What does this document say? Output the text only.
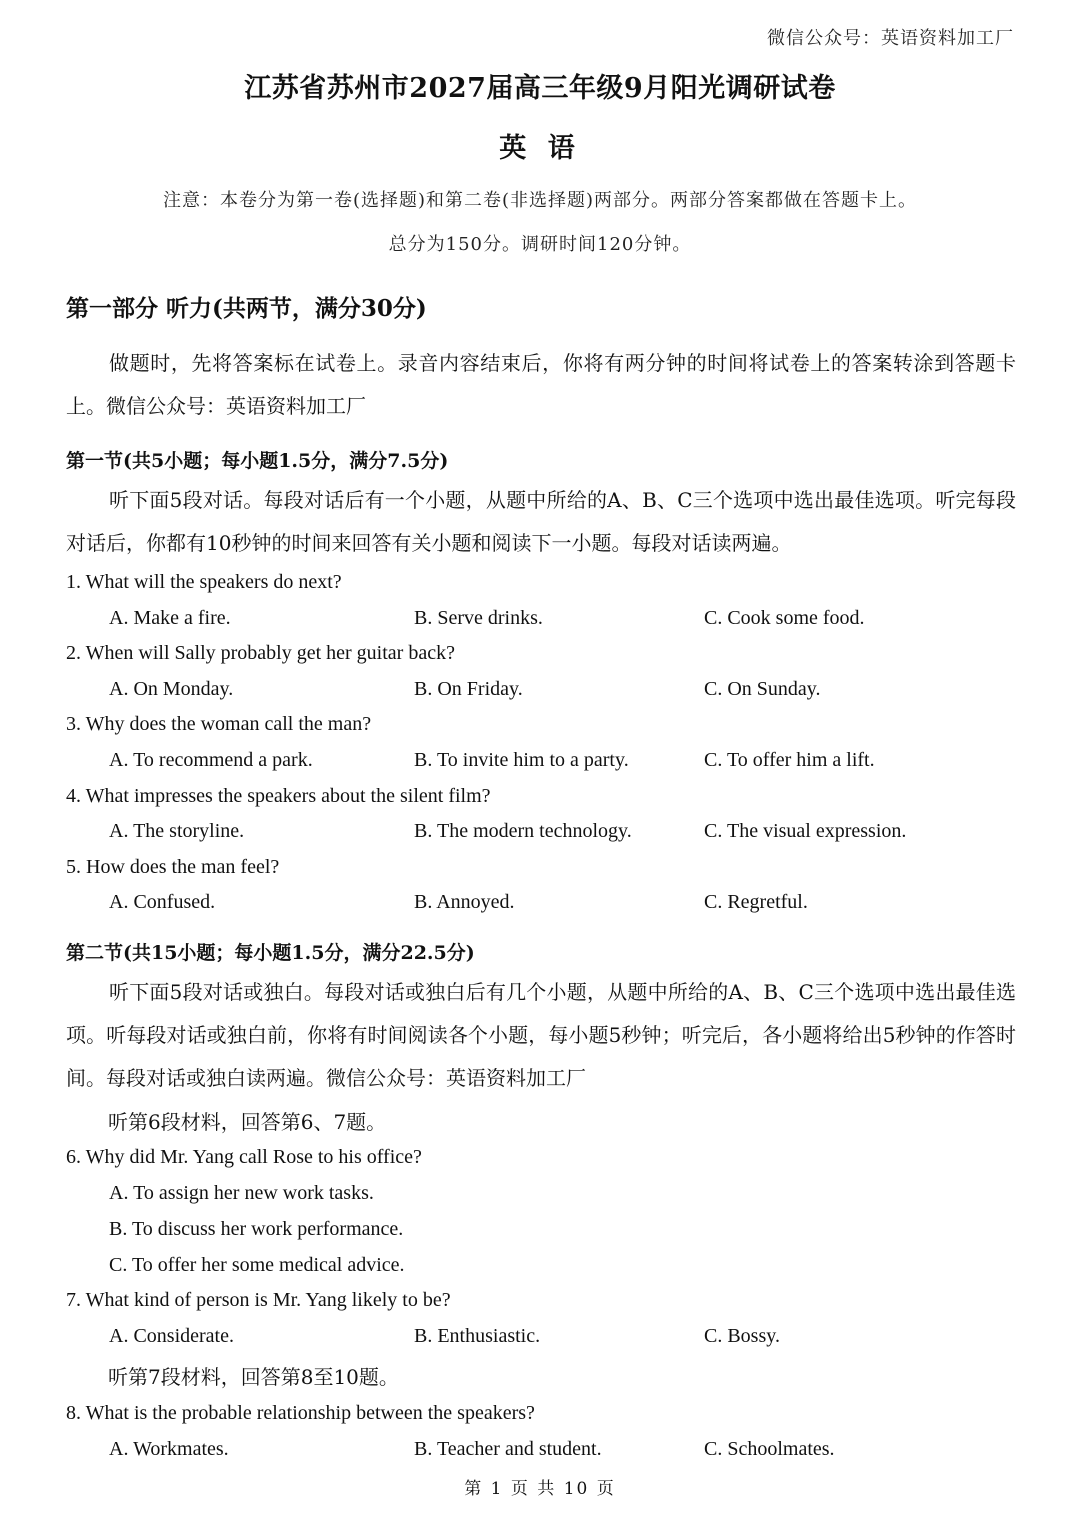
微信公众号：英语资料加工厂
江苏省苏州市2027届高三年级9月阳光调研试卷
英 语
注意：本卷分为第一卷(选择题)和第二卷(非选择题)两部分。两部分答案都做在答题卡上。
总分为150分。调研时间120分钟。
第一部分 听力(共两节，满分30分)
做题时，先将答案标在试卷上。录音内容结束后，你将有两分钟的时间将试卷上的答案转涂到答题卡上。微信公众号：英语资料加工厂
第一节(共5小题；每小题1.5分，满分7.5分)
听下面5段对话。每段对话后有一个小题，从题中所给的A、B、C三个选项中选出最佳选项。听完每段对话后，你都有10秒钟的时间来回答有关小题和阅读下一小题。每段对话读两遍。
1. What will the speakers do next?
A. Make a fire.	B. Serve drinks.	C. Cook some food.
2. When will Sally probably get her guitar back?
A. On Monday.	B. On Friday.	C. On Sunday.
3. Why does the woman call the man?
A. To recommend a park.	B. To invite him to a party.	C. To offer him a lift.
4. What impresses the speakers about the silent film?
A. The storyline.	B. The modern technology.	C. The visual expression.
5. How does the man feel?
A. Confused.	B. Annoyed.	C. Regretful.
第二节(共15小题；每小题1.5分，满分22.5分)
听下面5段对话或独白。每段对话或独白后有几个小题，从题中所给的A、B、C三个选项中选出最佳选项。听每段对话或独白前，你将有时间阅读各个小题，每小题5秒钟；听完后，各小题将给出5秒钟的作答时间。每段对话或独白读两遍。微信公众号：英语资料加工厂
听第6段材料，回答第6、7题。
6. Why did Mr. Yang call Rose to his office?
A. To assign her new work tasks.
B. To discuss her work performance.
C. To offer her some medical advice.
7. What kind of person is Mr. Yang likely to be?
A. Considerate.	B. Enthusiastic.	C. Bossy.
听第7段材料，回答第8至10题。
8. What is the probable relationship between the speakers?
A. Workmates.	B. Teacher and student.	C. Schoolmates.
第 1 页 共 10 页
